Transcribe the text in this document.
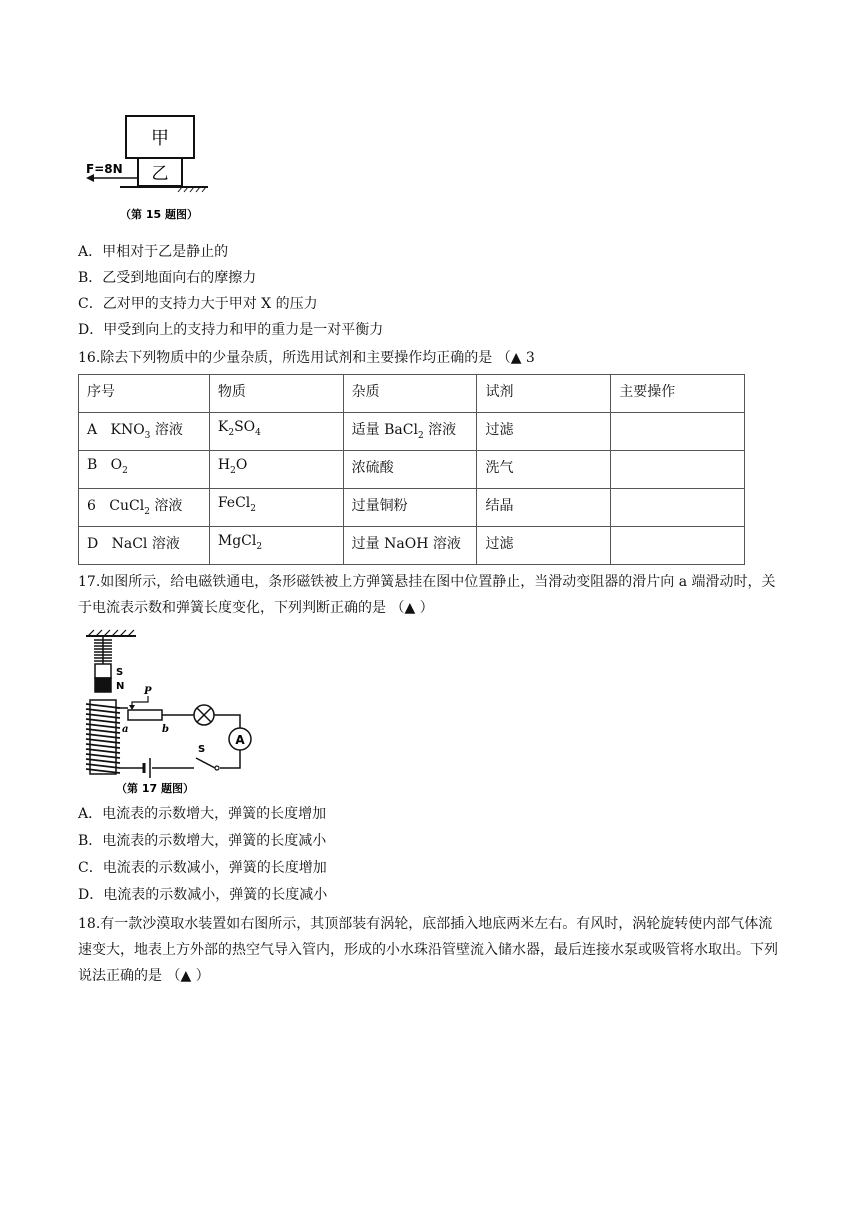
甲
乙
F=8N
（第 15 题图）
A．甲相对于乙是静止的
B．乙受到地面向右的摩擦力
C．乙对甲的支持力大于甲对 X 的压力
D．甲受到向上的支持力和甲的重力是一对平衡力
16.除去下列物质中的少量杂质，所选用试剂和主要操作均正确的是 （▲ 3
序号	物质	杂质	试剂	主要操作
A $KNO_3$ 溶液	$K_2SO_4$	适量 BaCl$_2$ 溶液	过滤	
B $O_2$	$H_2O$	浓硫酸	洗气	
6 CuCl$_2$ 溶液	FeCl$_2$	过量铜粉	结晶	
D NaCl 溶液	MgCl$_2$	过量 NaOH 溶液	过滤	
17.如图所示，给电磁铁通电，条形磁铁被上方弹簧悬挂在图中位置静止，当滑动变阻器的滑片向 a 端滑动时，关于电流表示数和弹簧长度变化，下列判断正确的是 （▲ ）
S
N P
a	b
A
S
（第 17 题图）
A．电流表的示数增大，弹簧的长度增加
B．电流表的示数增大，弹簧的长度减小
C．电流表的示数减小，弹簧的长度增加
D．电流表的示数减小，弹簧的长度减小
18.有一款沙漠取水装置如右图所示，其顶部装有涡轮，底部插入地底两米左右。有风时，涡轮旋转使内部气体流速变大，地表上方外部的热空气导入管内，形成的小水珠沿管壁流入储水器，最后连接水泵或吸管将水取出。下列说法正确的是 （▲ ）
